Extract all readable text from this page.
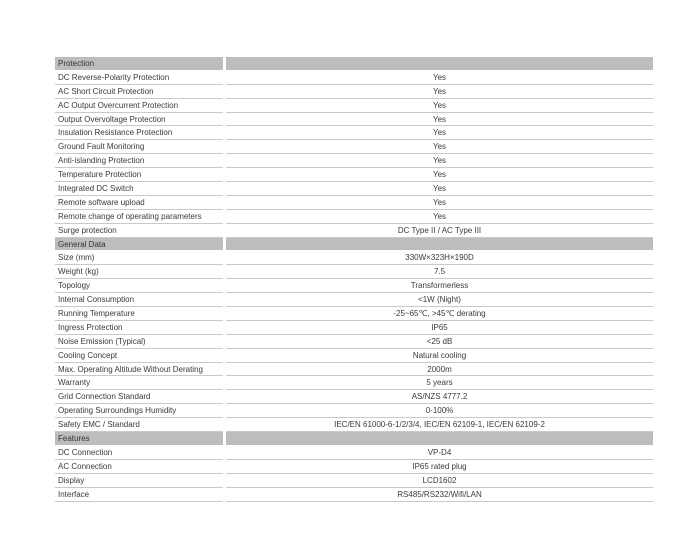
Protection
DC Reverse-Polarity Protection	Yes
AC Short Circuit Protection	Yes
AC Output Overcurrent Protection	Yes
Output Overvoltage Protection	Yes
Insulation Resistance Protection	Yes
Ground Fault Monitoring	Yes
Anti-islanding Protection	Yes
Temperature Protection	Yes
Integrated DC Switch	Yes
Remote software upload	Yes
Remote change of operating parameters	Yes
Surge protection	DC Type II / AC Type III
General Data
Size (mm)	330W×323H×190D
Weight (kg)	7.5
Topology	Transformerless
Internal Consumption	<1W (Night)
Running Temperature	-25~65℃, >45℃ derating
Ingress Protection	IP65
Noise Emission (Typical)	<25 dB
Cooling Concept	Natural cooling
Max. Operating Altitude Without Derating	2000m
Warranty	5 years
Grid Connection Standard	AS/NZS 4777.2
Operating Surroundings Humidity	0-100%
Safety EMC / Standard	IEC/EN 61000-6-1/2/3/4, IEC/EN 62109-1, IEC/EN 62109-2
Features
DC Connection	VP-D4
AC Connection	IP65 rated plug
Display	LCD1602
Interface	RS485/RS232/Wifi/LAN
